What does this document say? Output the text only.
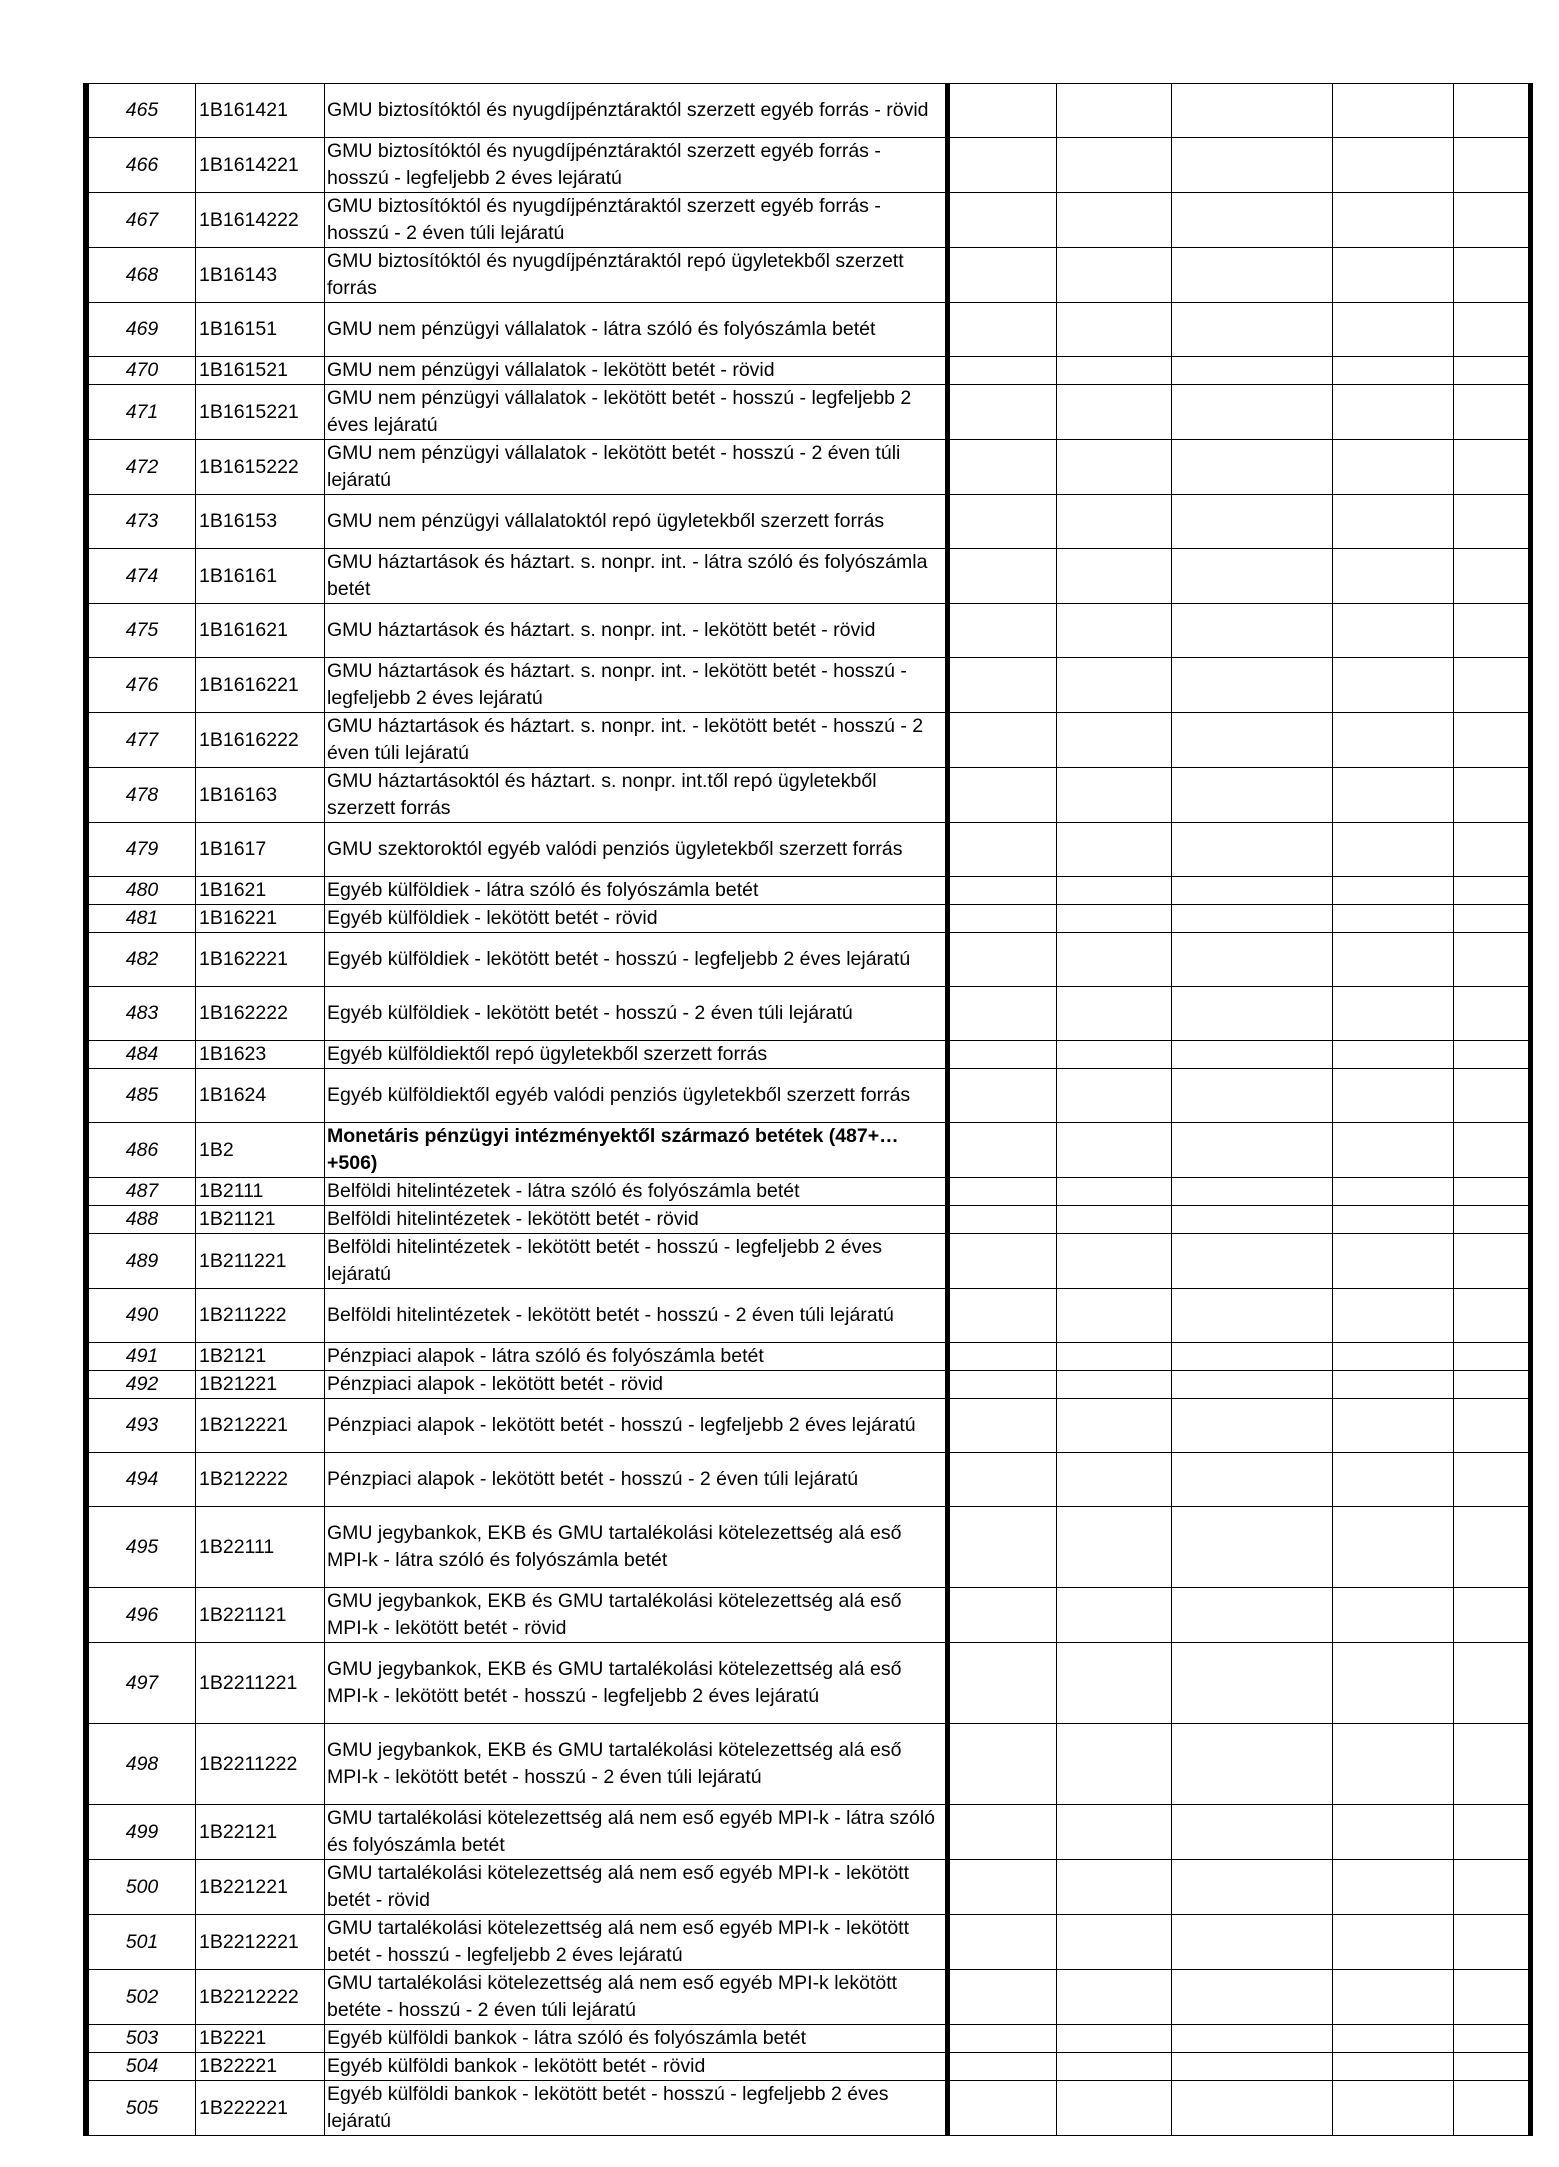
465	1B161421	GMU biztosítóktól és nyugdíjpénztáraktól szerzett egyéb forrás - rövid					
466	1B1614221	GMU biztosítóktól és nyugdíjpénztáraktól szerzett egyéb forrás - hosszú - legfeljebb 2 éves lejáratú					
467	1B1614222	GMU biztosítóktól és nyugdíjpénztáraktól szerzett egyéb forrás - hosszú - 2 éven túli lejáratú					
468	1B16143	GMU biztosítóktól és nyugdíjpénztáraktól repó ügyletekből szerzett forrás					
469	1B16151	GMU nem pénzügyi vállalatok - látra szóló és folyószámla betét					
470	1B161521	GMU nem pénzügyi vállalatok - lekötött betét - rövid					
471	1B1615221	GMU nem pénzügyi vállalatok - lekötött betét - hosszú - legfeljebb 2 éves lejáratú					
472	1B1615222	GMU nem pénzügyi vállalatok - lekötött betét - hosszú - 2 éven túli lejáratú					
473	1B16153	GMU nem pénzügyi vállalatoktól repó ügyletekből szerzett forrás					
474	1B16161	GMU háztartások és háztart. s. nonpr. int. - látra szóló és folyószámla betét					
475	1B161621	GMU háztartások és háztart. s. nonpr. int. - lekötött betét - rövid					
476	1B1616221	GMU háztartások és háztart. s. nonpr. int. - lekötött betét - hosszú - legfeljebb 2 éves lejáratú					
477	1B1616222	GMU háztartások és háztart. s. nonpr. int. - lekötött betét - hosszú - 2 éven túli lejáratú					
478	1B16163	GMU háztartásoktól és háztart. s. nonpr. int.től repó ügyletekből szerzett forrás					
479	1B1617	GMU szektoroktól egyéb valódi penziós ügyletekből szerzett forrás					
480	1B1621	Egyéb külföldiek - látra szóló és folyószámla betét					
481	1B16221	Egyéb külföldiek - lekötött betét - rövid					
482	1B162221	Egyéb külföldiek - lekötött betét - hosszú - legfeljebb 2 éves lejáratú					
483	1B162222	Egyéb külföldiek - lekötött betét - hosszú - 2 éven túli lejáratú					
484	1B1623	Egyéb külföldiektől repó ügyletekből szerzett forrás					
485	1B1624	Egyéb külföldiektől egyéb valódi penziós ügyletekből szerzett forrás					
486	1B2	Monetáris pénzügyi intézményektől származó betétek (487+…+506)					
487	1B2111	Belföldi hitelintézetek - látra szóló és folyószámla betét					
488	1B21121	Belföldi hitelintézetek - lekötött betét - rövid					
489	1B211221	Belföldi hitelintézetek - lekötött betét - hosszú - legfeljebb 2 éves lejáratú					
490	1B211222	Belföldi hitelintézetek - lekötött betét - hosszú - 2 éven túli lejáratú					
491	1B2121	Pénzpiaci alapok - látra szóló és folyószámla betét					
492	1B21221	Pénzpiaci alapok - lekötött betét - rövid					
493	1B212221	Pénzpiaci alapok - lekötött betét - hosszú - legfeljebb 2 éves lejáratú					
494	1B212222	Pénzpiaci alapok - lekötött betét - hosszú - 2 éven túli lejáratú					
495	1B22111	GMU jegybankok, EKB és GMU tartalékolási kötelezettség alá eső MPI-k - látra szóló és folyószámla betét					
496	1B221121	GMU jegybankok, EKB és GMU tartalékolási kötelezettség alá eső MPI-k - lekötött betét - rövid					
497	1B2211221	GMU jegybankok, EKB és GMU tartalékolási kötelezettség alá eső MPI-k - lekötött betét - hosszú - legfeljebb 2 éves lejáratú					
498	1B2211222	GMU jegybankok, EKB és GMU tartalékolási kötelezettség alá eső MPI-k - lekötött betét - hosszú - 2 éven túli lejáratú					
499	1B22121	GMU tartalékolási kötelezettség alá nem eső egyéb MPI-k - látra szóló és folyószámla betét					
500	1B221221	GMU tartalékolási kötelezettség alá nem eső egyéb MPI-k - lekötött betét - rövid					
501	1B2212221	GMU tartalékolási kötelezettség alá nem eső egyéb MPI-k - lekötött betét - hosszú - legfeljebb 2 éves lejáratú					
502	1B2212222	GMU tartalékolási kötelezettség alá nem eső egyéb MPI-k lekötött betéte - hosszú - 2 éven túli lejáratú					
503	1B2221	Egyéb külföldi bankok - látra szóló és folyószámla betét					
504	1B22221	Egyéb külföldi bankok - lekötött betét - rövid					
505	1B222221	Egyéb külföldi bankok - lekötött betét - hosszú - legfeljebb 2 éves lejáratú					
